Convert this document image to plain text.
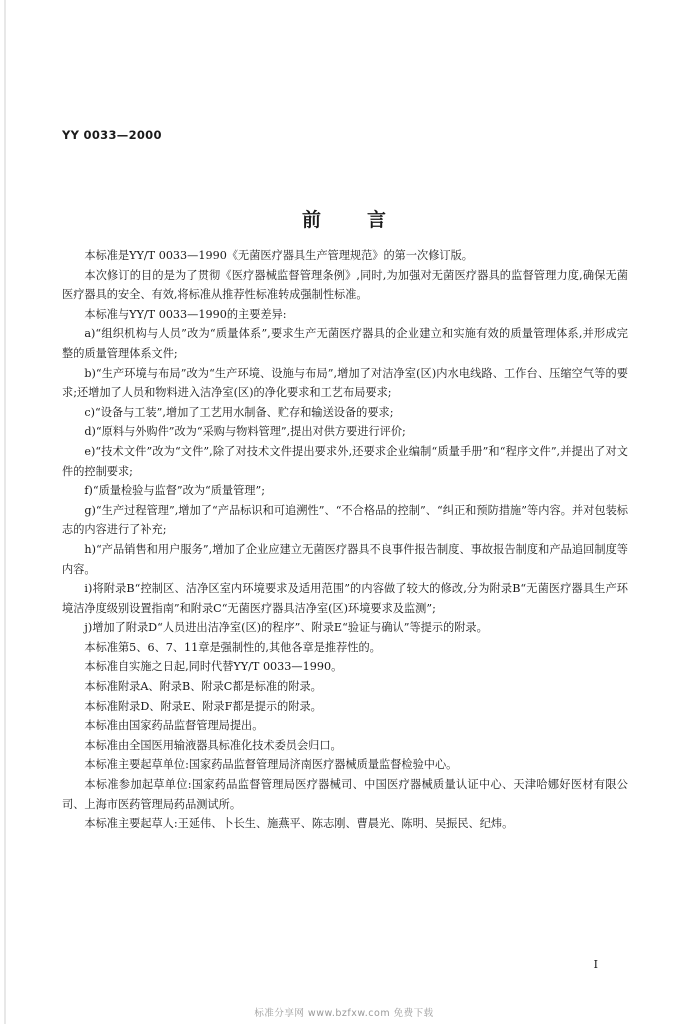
YY 0033—2000
前 言

本标准是YY/T 0033—1990《无菌医疗器具生产管理规范》的第一次修订版。

本次修订的目的是为了贯彻《医疗器械监督管理条例》,同时,为加强对无菌医疗器具的监督管理力度,确保无菌医疗器具的安全、有效,将标准从推荐性标准转成强制性标准。

本标准与YY/T 0033—1990的主要差异:

a)“组织机构与人员”改为“质量体系”,要求生产无菌医疗器具的企业建立和实施有效的质量管理体系,并形成完整的质量管理体系文件;

b)“生产环境与布局”改为“生产环境、设施与布局”,增加了对洁净室(区)内水电线路、工作台、压缩空气等的要求;还增加了人员和物料进入洁净室(区)的净化要求和工艺布局要求;

c)“设备与工装”,增加了工艺用水制备、贮存和输送设备的要求;

d)“原料与外购件”改为“采购与物料管理”,提出对供方要进行评价;

e)“技术文件”改为“文件”,除了对技术文件提出要求外,还要求企业编制“质量手册”和“程序文件”,并提出了对文件的控制要求;

f)“质量检验与监督”改为“质量管理”;

g)“生产过程管理”,增加了“产品标识和可追溯性”、“不合格品的控制”、“纠正和预防措施”等内容。并对包装标志的内容进行了补充;

h)“产品销售和用户服务”,增加了企业应建立无菌医疗器具不良事件报告制度、事故报告制度和产品追回制度等内容。

i)将附录B“控制区、洁净区室内环境要求及适用范围”的内容做了较大的修改,分为附录B“无菌医疗器具生产环境洁净度级别设置指南”和附录C“无菌医疗器具洁净室(区)环境要求及监测”;

j)增加了附录D“人员进出洁净室(区)的程序”、附录E“验证与确认”等提示的附录。

本标准第5、6、7、11章是强制性的,其他各章是推荐性的。

本标准自实施之日起,同时代替YY/T 0033—1990。

本标准附录A、附录B、附录C都是标准的附录。

本标准附录D、附录E、附录F都是提示的附录。

本标准由国家药品监督管理局提出。

本标准由全国医用输液器具标准化技术委员会归口。

本标准主要起草单位:国家药品监督管理局济南医疗器械质量监督检验中心。

本标准参加起草单位:国家药品监督管理局医疗器械司、中国医疗器械质量认证中心、天津哈娜好医材有限公司、上海市医药管理局药品测试所。

本标准主要起草人:王延伟、卜长生、施燕平、陈志刚、曹晨光、陈明、吴振民、纪炜。

I
标准分享网 www.bzfxw.com 免费下载
